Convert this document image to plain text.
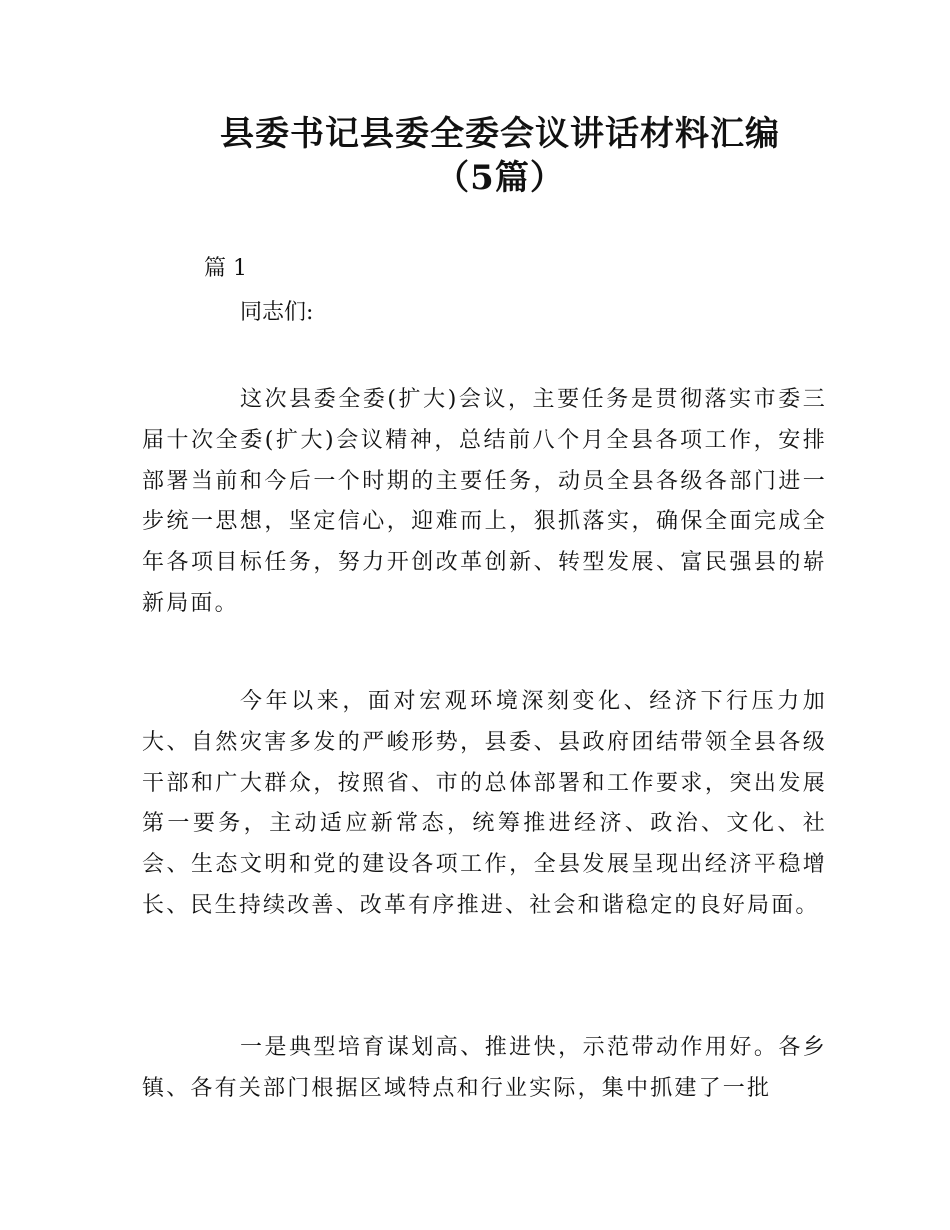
县委书记县委全委会议讲话材料汇编
（5篇）
篇 1
同志们:

这次县委全委(扩大)会议，主要任务是贯彻落实市委三届十次全委(扩大)会议精神，总结前八个月全县各项工作，安排部署当前和今后一个时期的主要任务，动员全县各级各部门进一步统一思想，坚定信心，迎难而上，狠抓落实，确保全面完成全年各项目标任务，努力开创改革创新、转型发展、富民强县的崭新局面。

今年以来，面对宏观环境深刻变化、经济下行压力加大、自然灾害多发的严峻形势，县委、县政府团结带领全县各级干部和广大群众，按照省、市的总体部署和工作要求，突出发展第一要务，主动适应新常态，统筹推进经济、政治、文化、社会、生态文明和党的建设各项工作，全县发展呈现出经济平稳增长、民生持续改善、改革有序推进、社会和谐稳定的良好局面。

一是典型培育谋划高、推进快，示范带动作用好。各乡镇、各有关部门根据区域特点和行业实际，集中抓建了一批
